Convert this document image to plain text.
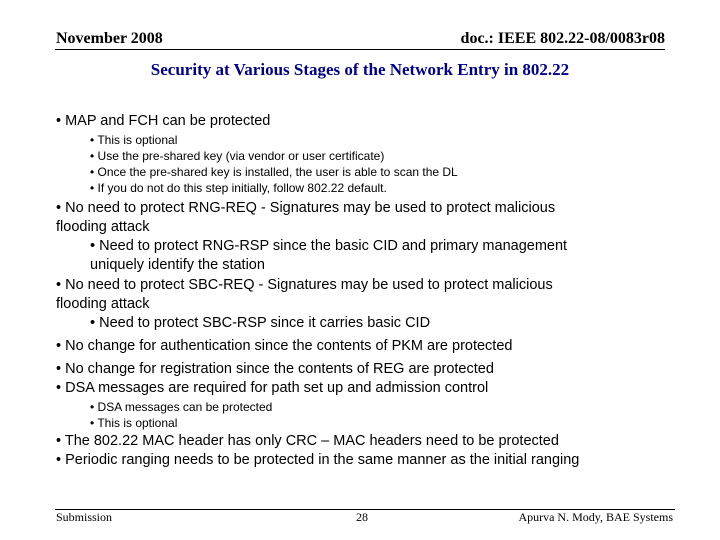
November 2008	doc.: IEEE 802.22-08/0083r08
Security at Various Stages of the Network Entry in 802.22
• MAP and FCH can be protected
• This is optional
• Use the pre-shared key (via vendor or user certificate)
• Once the pre-shared key is installed, the user is able to scan the DL
• If you do not do this step initially, follow 802.22 default.
• No need to protect RNG-REQ - Signatures may be used to protect malicious
flooding attack
• Need to protect RNG-RSP since the basic CID and primary management
uniquely identify the station
• No need to protect SBC-REQ - Signatures may be used to protect malicious
flooding attack
• Need to protect SBC-RSP since it carries basic CID
• No change for authentication since the contents of PKM are protected
• No change for registration since the contents of REG are protected
• DSA messages are required for path set up and admission control
• DSA messages can be protected
• This is optional
• The 802.22 MAC header has only CRC – MAC headers need to be protected
• Periodic ranging needs to be protected in the same manner as the initial ranging
Submission	28	Apurva N. Mody, BAE Systems
